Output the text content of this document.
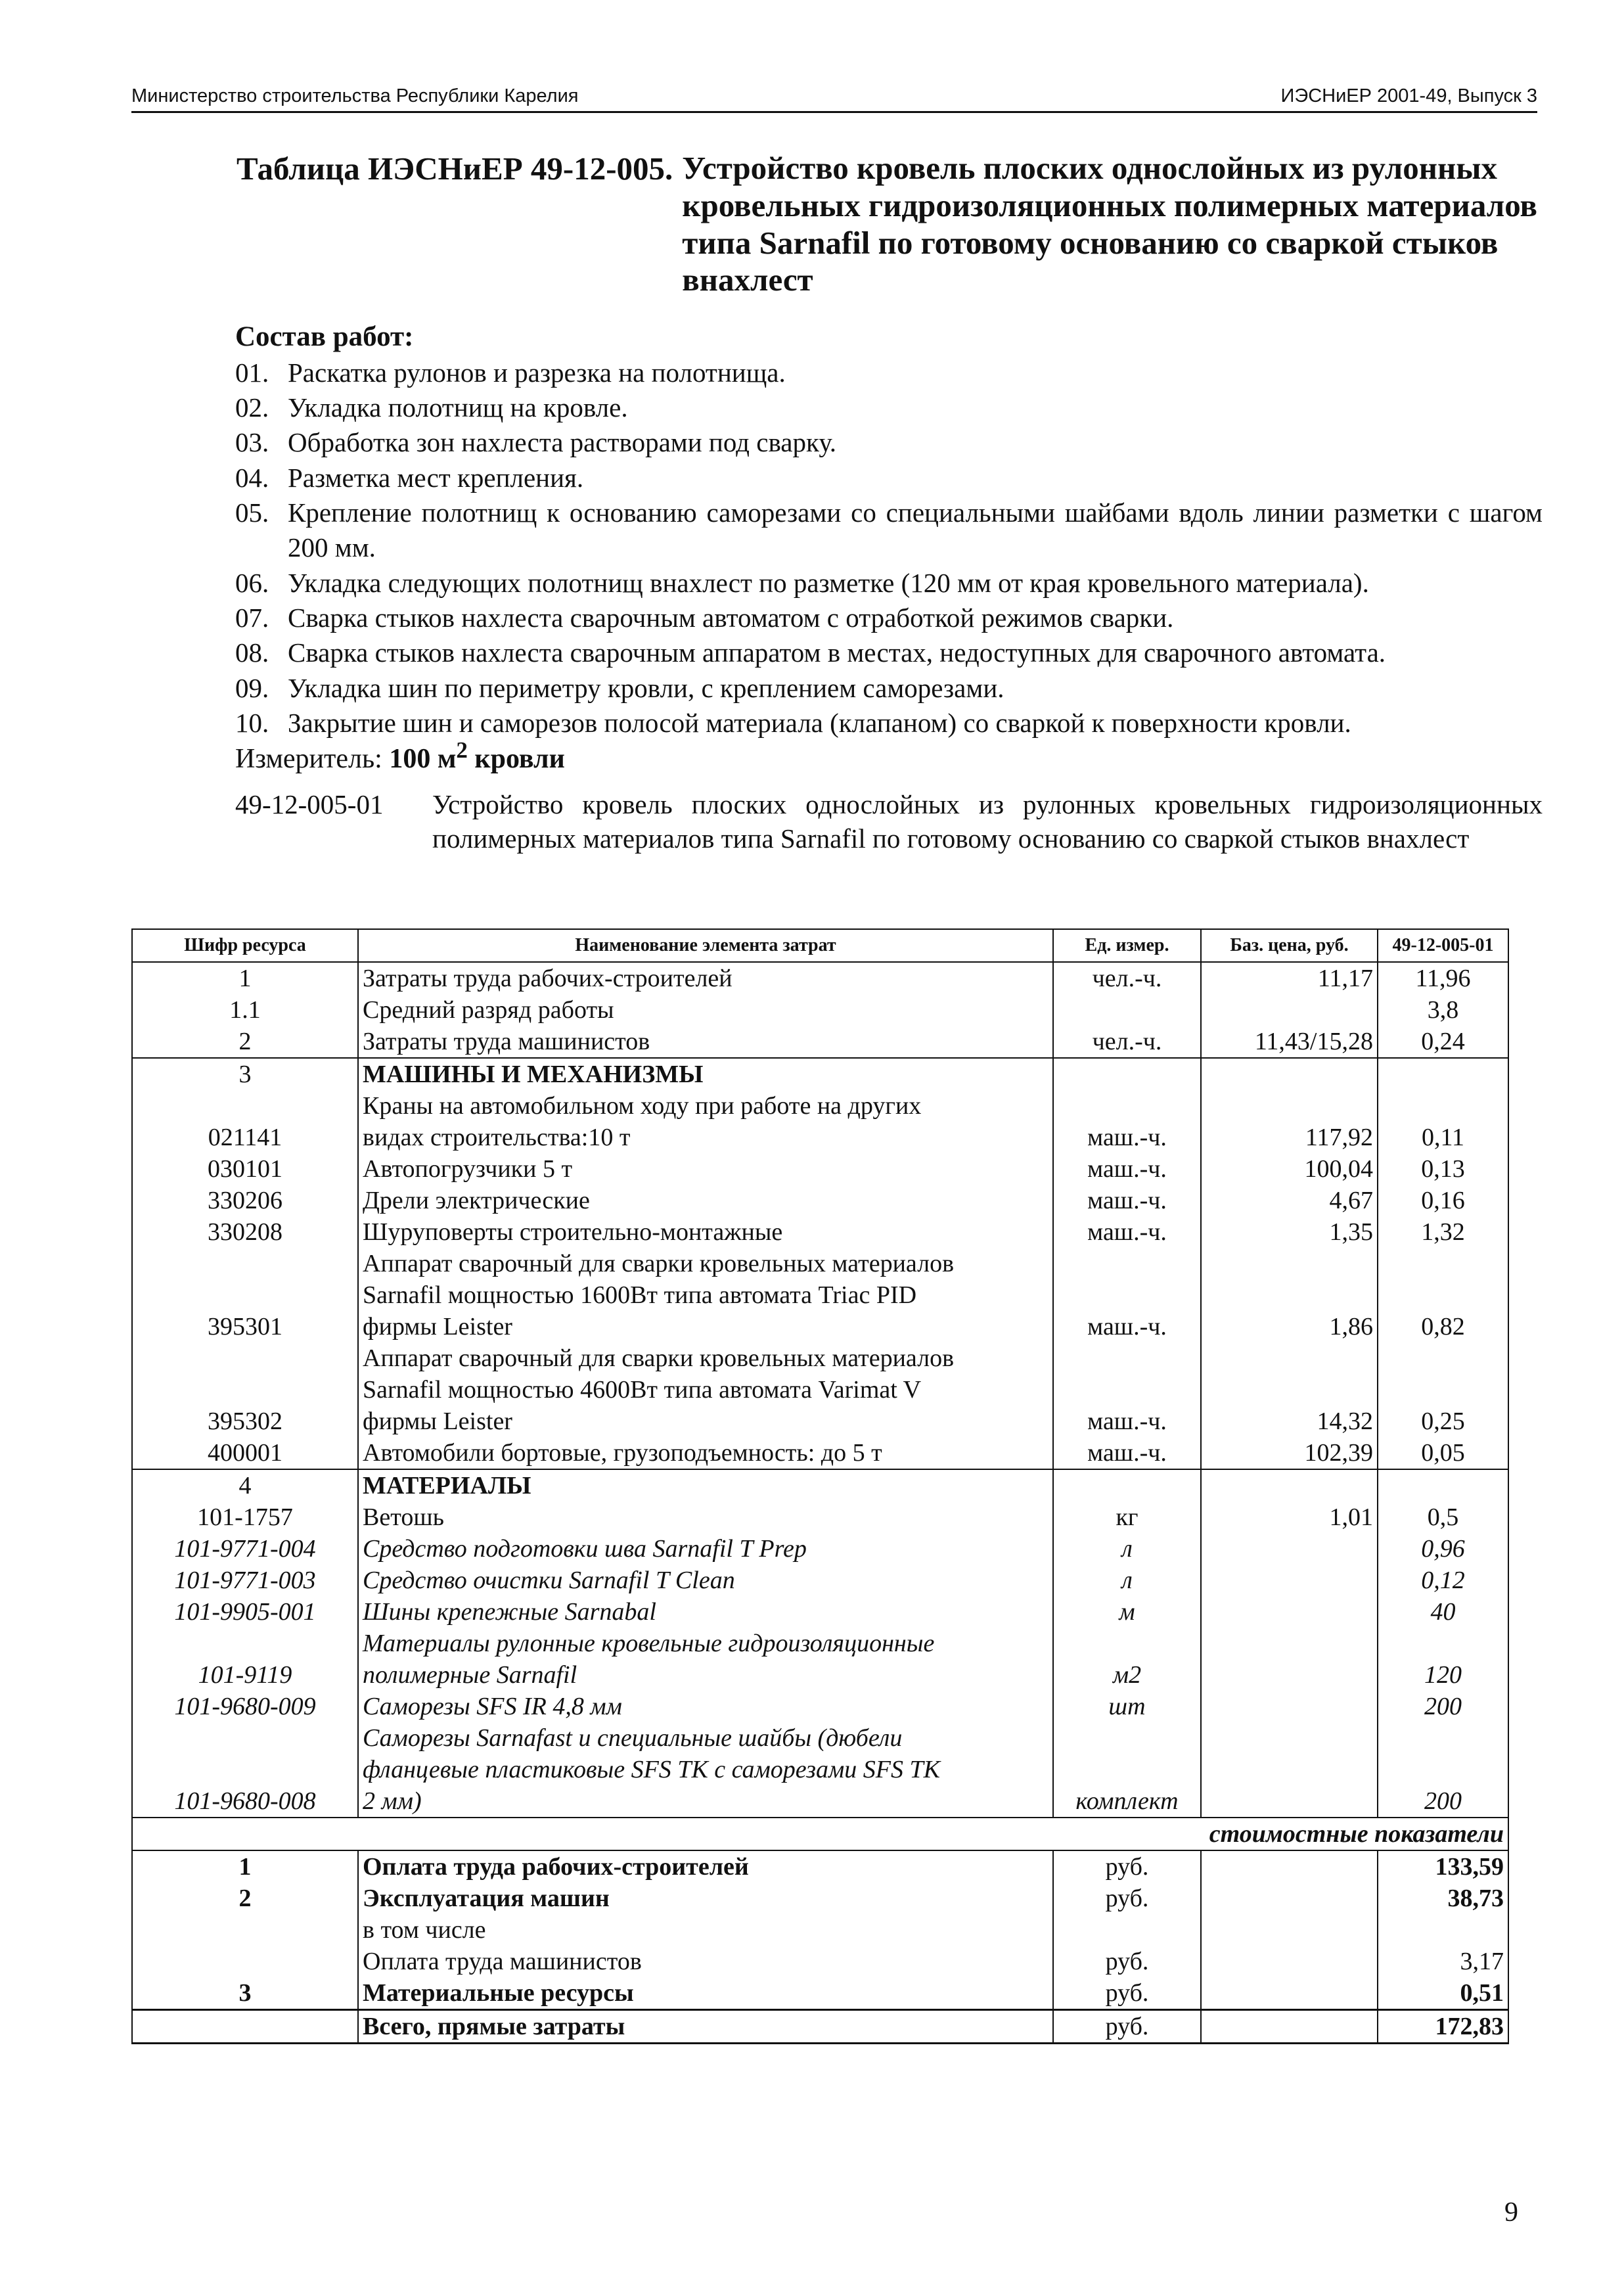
Министерство строительства Республики Карелия	ИЭСНиЕР 2001-49, Выпуск 3
Таблица ИЭСНиЕР 49-12-005. Устройство кровель плоских однослойных из рулонных кровельных гидроизоляционных полимерных материалов типа Sarnafil по готовому основанию со сваркой стыков внахлест
Состав работ:
01. Раскатка рулонов и разрезка на полотнища.
02. Укладка полотнищ на кровле.
03. Обработка зон нахлеста растворами под сварку.
04. Разметка мест крепления.
05. Крепление полотнищ к основанию саморезами со специальными шайбами вдоль линии разметки с шагом 200 мм.
06. Укладка следующих полотнищ внахлест по разметке (120 мм от края кровельного материала).
07. Сварка стыков нахлеста сварочным автоматом с отработкой режимов сварки.
08. Сварка стыков нахлеста сварочным аппаратом в местах, недоступных для сварочного автомата.
09. Укладка шин по периметру кровли, с креплением саморезами.
10. Закрытие шин и саморезов полосой материала (клапаном) со сваркой к поверхности кровли.
Измеритель: 100 $м^2$ кровли
49-12-005-01	Устройство кровель плоских однослойных из рулонных кровельных гидроизоляционных полимерных материалов типа Sarnafil по готовому основанию со сваркой стыков внахлест
Шифр ресурса	Наименование элемента затрат	Ед. измер.	Баз. цена, руб.	49-12-005-01
1	Затраты труда рабочих-строителей	чел.-ч.	11,17	11,96
1.1	Средний разряд работы			3,8
2	Затраты труда машинистов	чел.-ч.	11,43/15,28	0,24
3	МАШИНЫ И МЕХАНИЗМЫ			
021141	Краны на автомобильном ходу при работе на других
видах строительства:10 т	маш.-ч.	117,92	0,11
030101	Автопогрузчики 5 т	маш.-ч.	100,04	0,13
330206	Дрели электрические	маш.-ч.	4,67	0,16
330208	Шуруповерты строительно-монтажные	маш.-ч.	1,35	1,32
395301	Аппарат сварочный для сварки кровельных материалов
Sarnafil мощностью 1600Вт типа автомата Triac PID
фирмы Leister	маш.-ч.	1,86	0,82
395302	Аппарат сварочный для сварки кровельных материалов
Sarnafil мощностью 4600Вт типа автомата Varimat V
фирмы Leister	маш.-ч.	14,32	0,25
400001	Автомобили бортовые, грузоподъемность: до 5 т	маш.-ч.	102,39	0,05
4	МАТЕРИАЛЫ			
101-1757	Ветошь	кг	1,01	0,5
101-9771-004	Средство подготовки шва Sarnafil T Prep	л		0,96
101-9771-003	Средство очистки Sarnafil T Clean	л		0,12
101-9905-001	Шины крепежные Sarnabal	м		40
101-9119	Материалы рулонные кровельные гидроизоляционные
полимерные Sarnafil	м2		120
101-9680-009	Саморезы SFS IR 4,8 мм	шт		200
101-9680-008	Саморезы Sarnafast и специальные шайбы (дюбели
фланцевые пластиковые SFS TK с саморезами SFS TK
2 мм)	комплект		200
стоимостные показатели				
1	Оплата труда рабочих-строителей	руб.		133,59
2	Эксплуатация машин	руб.		38,73
	в том числе			
	Оплата труда машинистов	руб.		3,17
3	Материальные ресурсы	руб.		0,51
	Всего, прямые затраты	руб.		172,83
9
